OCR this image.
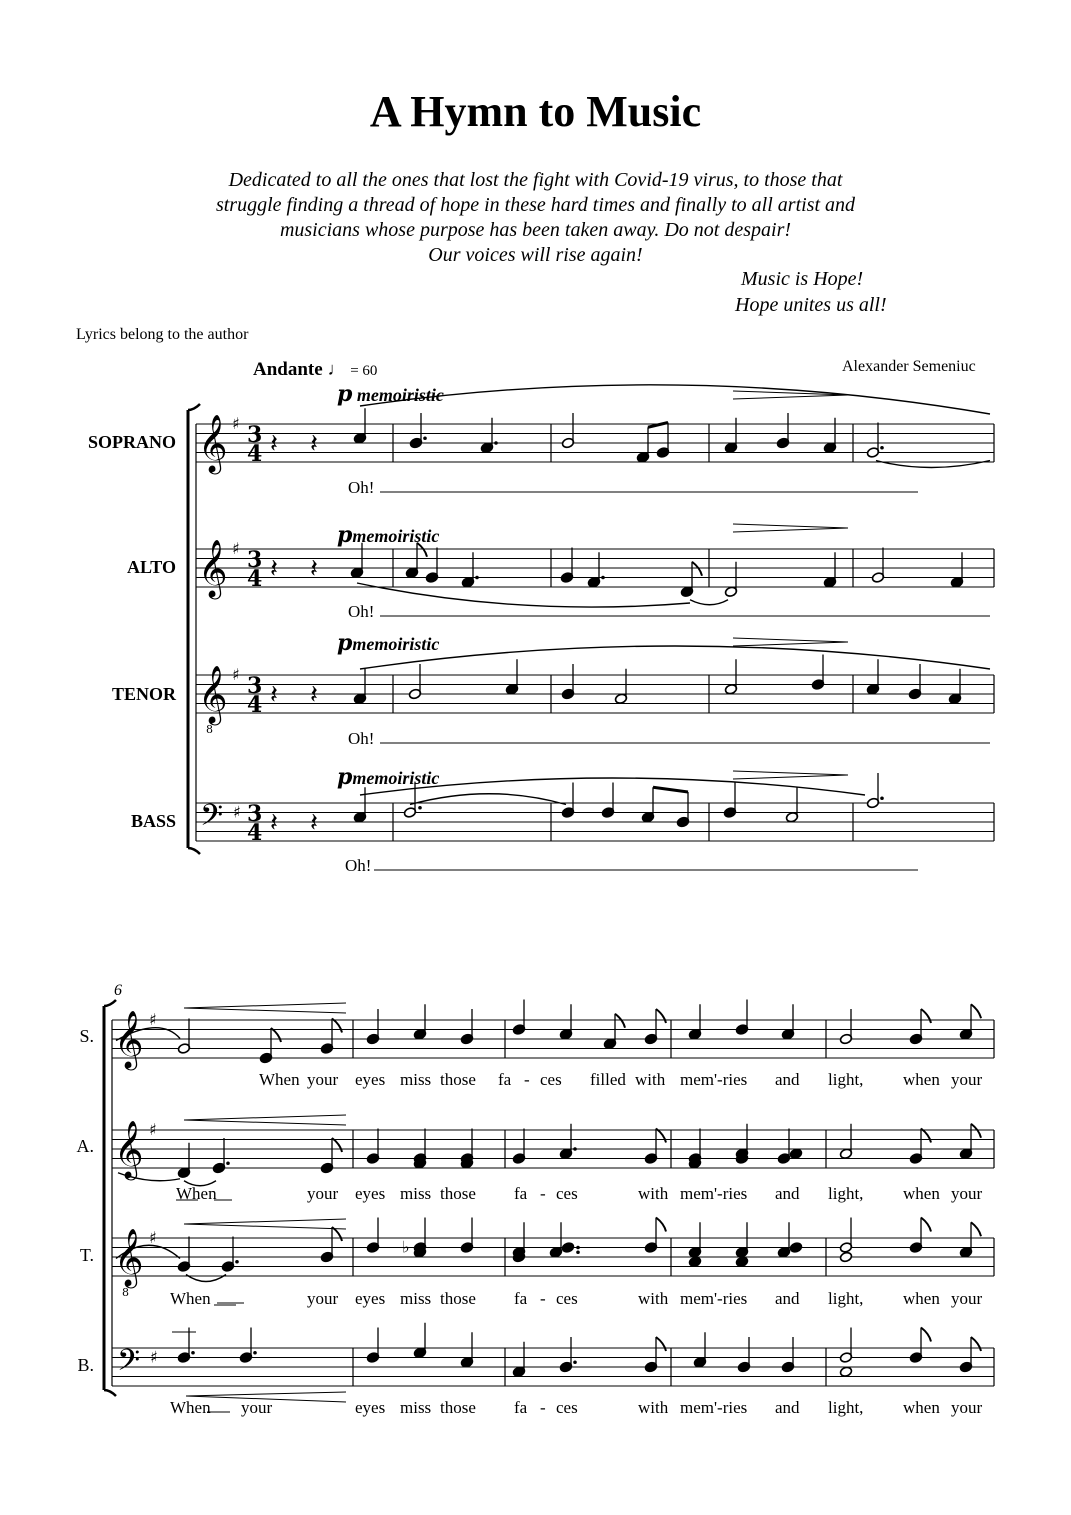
A Hymn to Music
Dedicated to all the ones that lost the fight with Covid-19 virus, to those that
struggle finding a thread of hope in these hard times and finally to all artist and
musicians whose purpose has been taken away. Do not despair!
Our voices will rise again!
Music is Hope!
Hope unites us all!
Lyrics belong to the author
Alexander Semeniuc
Andante ♩ = 60
p memoiristic
pmemoiristic
pmemoiristic
pmemoiristic
SOPRANO
ALTO
TENOR
BASS
S.
A.
T.
B.
6
Oh!
Oh!
Oh!
Oh!
When your eyes miss those fa - ces filled with mem'-ries and light, when your
When	your eyes miss those fa - ces	with mem'-ries and light, when your
When	your eyes miss those fa - ces	with mem'-ries and light, when your
When your	eyes miss those fa - ces	with mem'-ries and light, when your
𝄞 ♯ 3
4 𝄽 𝄽
𝄞 ♯ 3
4 𝄽 𝄽
𝄞 ♯
8
3
4 𝄽 𝄽
𝄢 ♯ 3
4 𝄽 𝄽
𝄞 ♯
𝄞 ♯
𝄞 ♯
8
𝄢 ♯
♭
